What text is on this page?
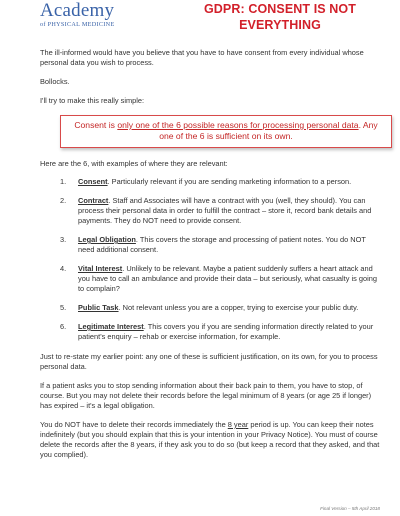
Academy
of PHYSICAL MEDICINE
GDPR: CONSENT IS NOT
EVERYTHING

The ill-informed would have you believe that you have to have consent from every individual whose personal data you wish to process.

Bollocks.

I'll try to make this really simple:

Consent is only one of the 6 possible reasons for processing personal data. Any one of the 6 is sufficient on its own.

Here are the 6, with examples of where they are relevant:

1.	Consent. Particularly relevant if you are sending marketing information to a person.
2.	Contract. Staff and Associates will have a contract with you (well, they should). You can process their personal data in order to fulfill the contract – store it, record bank details and payments. They do NOT need to provide consent.
3.	Legal Obligation. This covers the storage and processing of patient notes. You do NOT need additional consent.
4.	Vital Interest. Unlikely to be relevant. Maybe a patient suddenly suffers a heart attack and you have to call an ambulance and provide their data – but seriously, what casualty is going to complain?
5.	Public Task. Not relevant unless you are a copper, trying to exercise your public duty.
6.	Legitimate Interest. This covers you if you are sending information directly related to your patient's enquiry – rehab or exercise information, for example.

Just to re-state my earlier point: any one of these is sufficient justification, on its own, for you to process personal data.

If a patient asks you to stop sending information about their back pain to them, you have to stop, of course. But you may not delete their records before the legal minimum of 8 years (or age 25 if longer) has expired – it's a legal obligation.

You do NOT have to delete their records immediately the 8 year period is up. You can keep their notes indefinitely (but you should explain that this is your intention in your Privacy Notice). You must of course delete the records after the 8 years, if they ask you to do so (but keep a record that they asked, and that you complied).

Final Version – 5th April 2018
